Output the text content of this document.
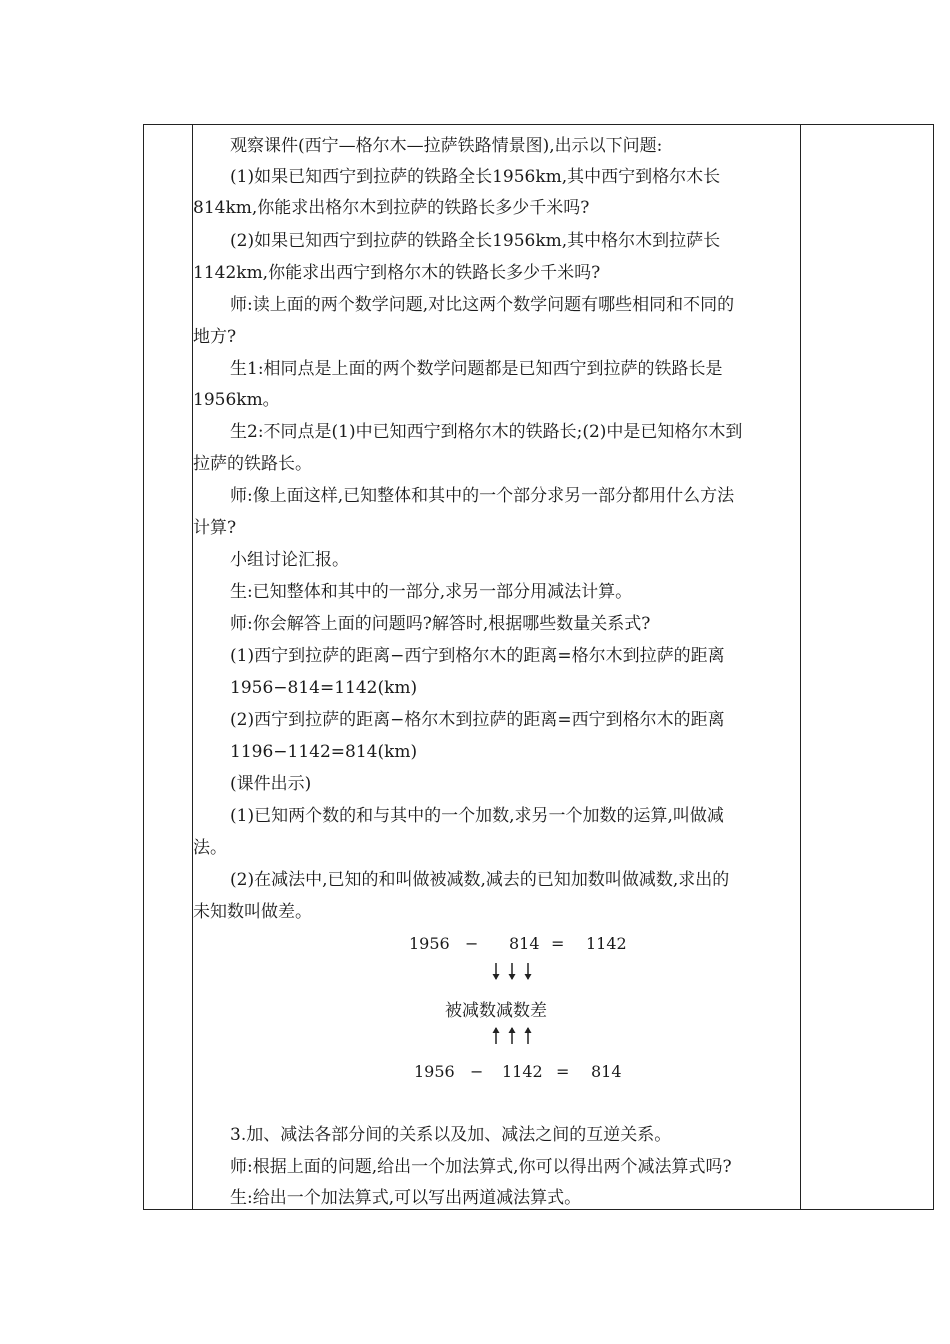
观察课件(西宁—格尔木—拉萨铁路情景图),出示以下问题:
(1)如果已知西宁到拉萨的铁路全长1956km,其中西宁到格尔木长
814km,你能求出格尔木到拉萨的铁路长多少千米吗?
(2)如果已知西宁到拉萨的铁路全长1956km,其中格尔木到拉萨长
1142km,你能求出西宁到格尔木的铁路长多少千米吗?
师:读上面的两个数学问题,对比这两个数学问题有哪些相同和不同的
地方?
生1:相同点是上面的两个数学问题都是已知西宁到拉萨的铁路长是
1956km。
生2:不同点是(1)中已知西宁到格尔木的铁路长;(2)中是已知格尔木到
拉萨的铁路长。
师:像上面这样,已知整体和其中的一个部分求另一部分都用什么方法
计算?
小组讨论汇报。
生:已知整体和其中的一部分,求另一部分用减法计算。
师:你会解答上面的问题吗?解答时,根据哪些数量关系式?
(1)西宁到拉萨的距离−西宁到格尔木的距离=格尔木到拉萨的距离
1956−814=1142(km)
(2)西宁到拉萨的距离−格尔木到拉萨的距离=西宁到格尔木的距离
1196−1142=814(km)
(课件出示)
(1)已知两个数的和与其中的一个加数,求另一个加数的运算,叫做减
法。
(2)在减法中,已知的和叫做被减数,减去的已知加数叫做减数,求出的
未知数叫做差。
1956 − 814 = 1142
被减数减数差
1956 − 1142 = 814
3.加、减法各部分间的关系以及加、减法之间的互逆关系。
师:根据上面的问题,给出一个加法算式,你可以得出两个减法算式吗?
生:给出一个加法算式,可以写出两道减法算式。
